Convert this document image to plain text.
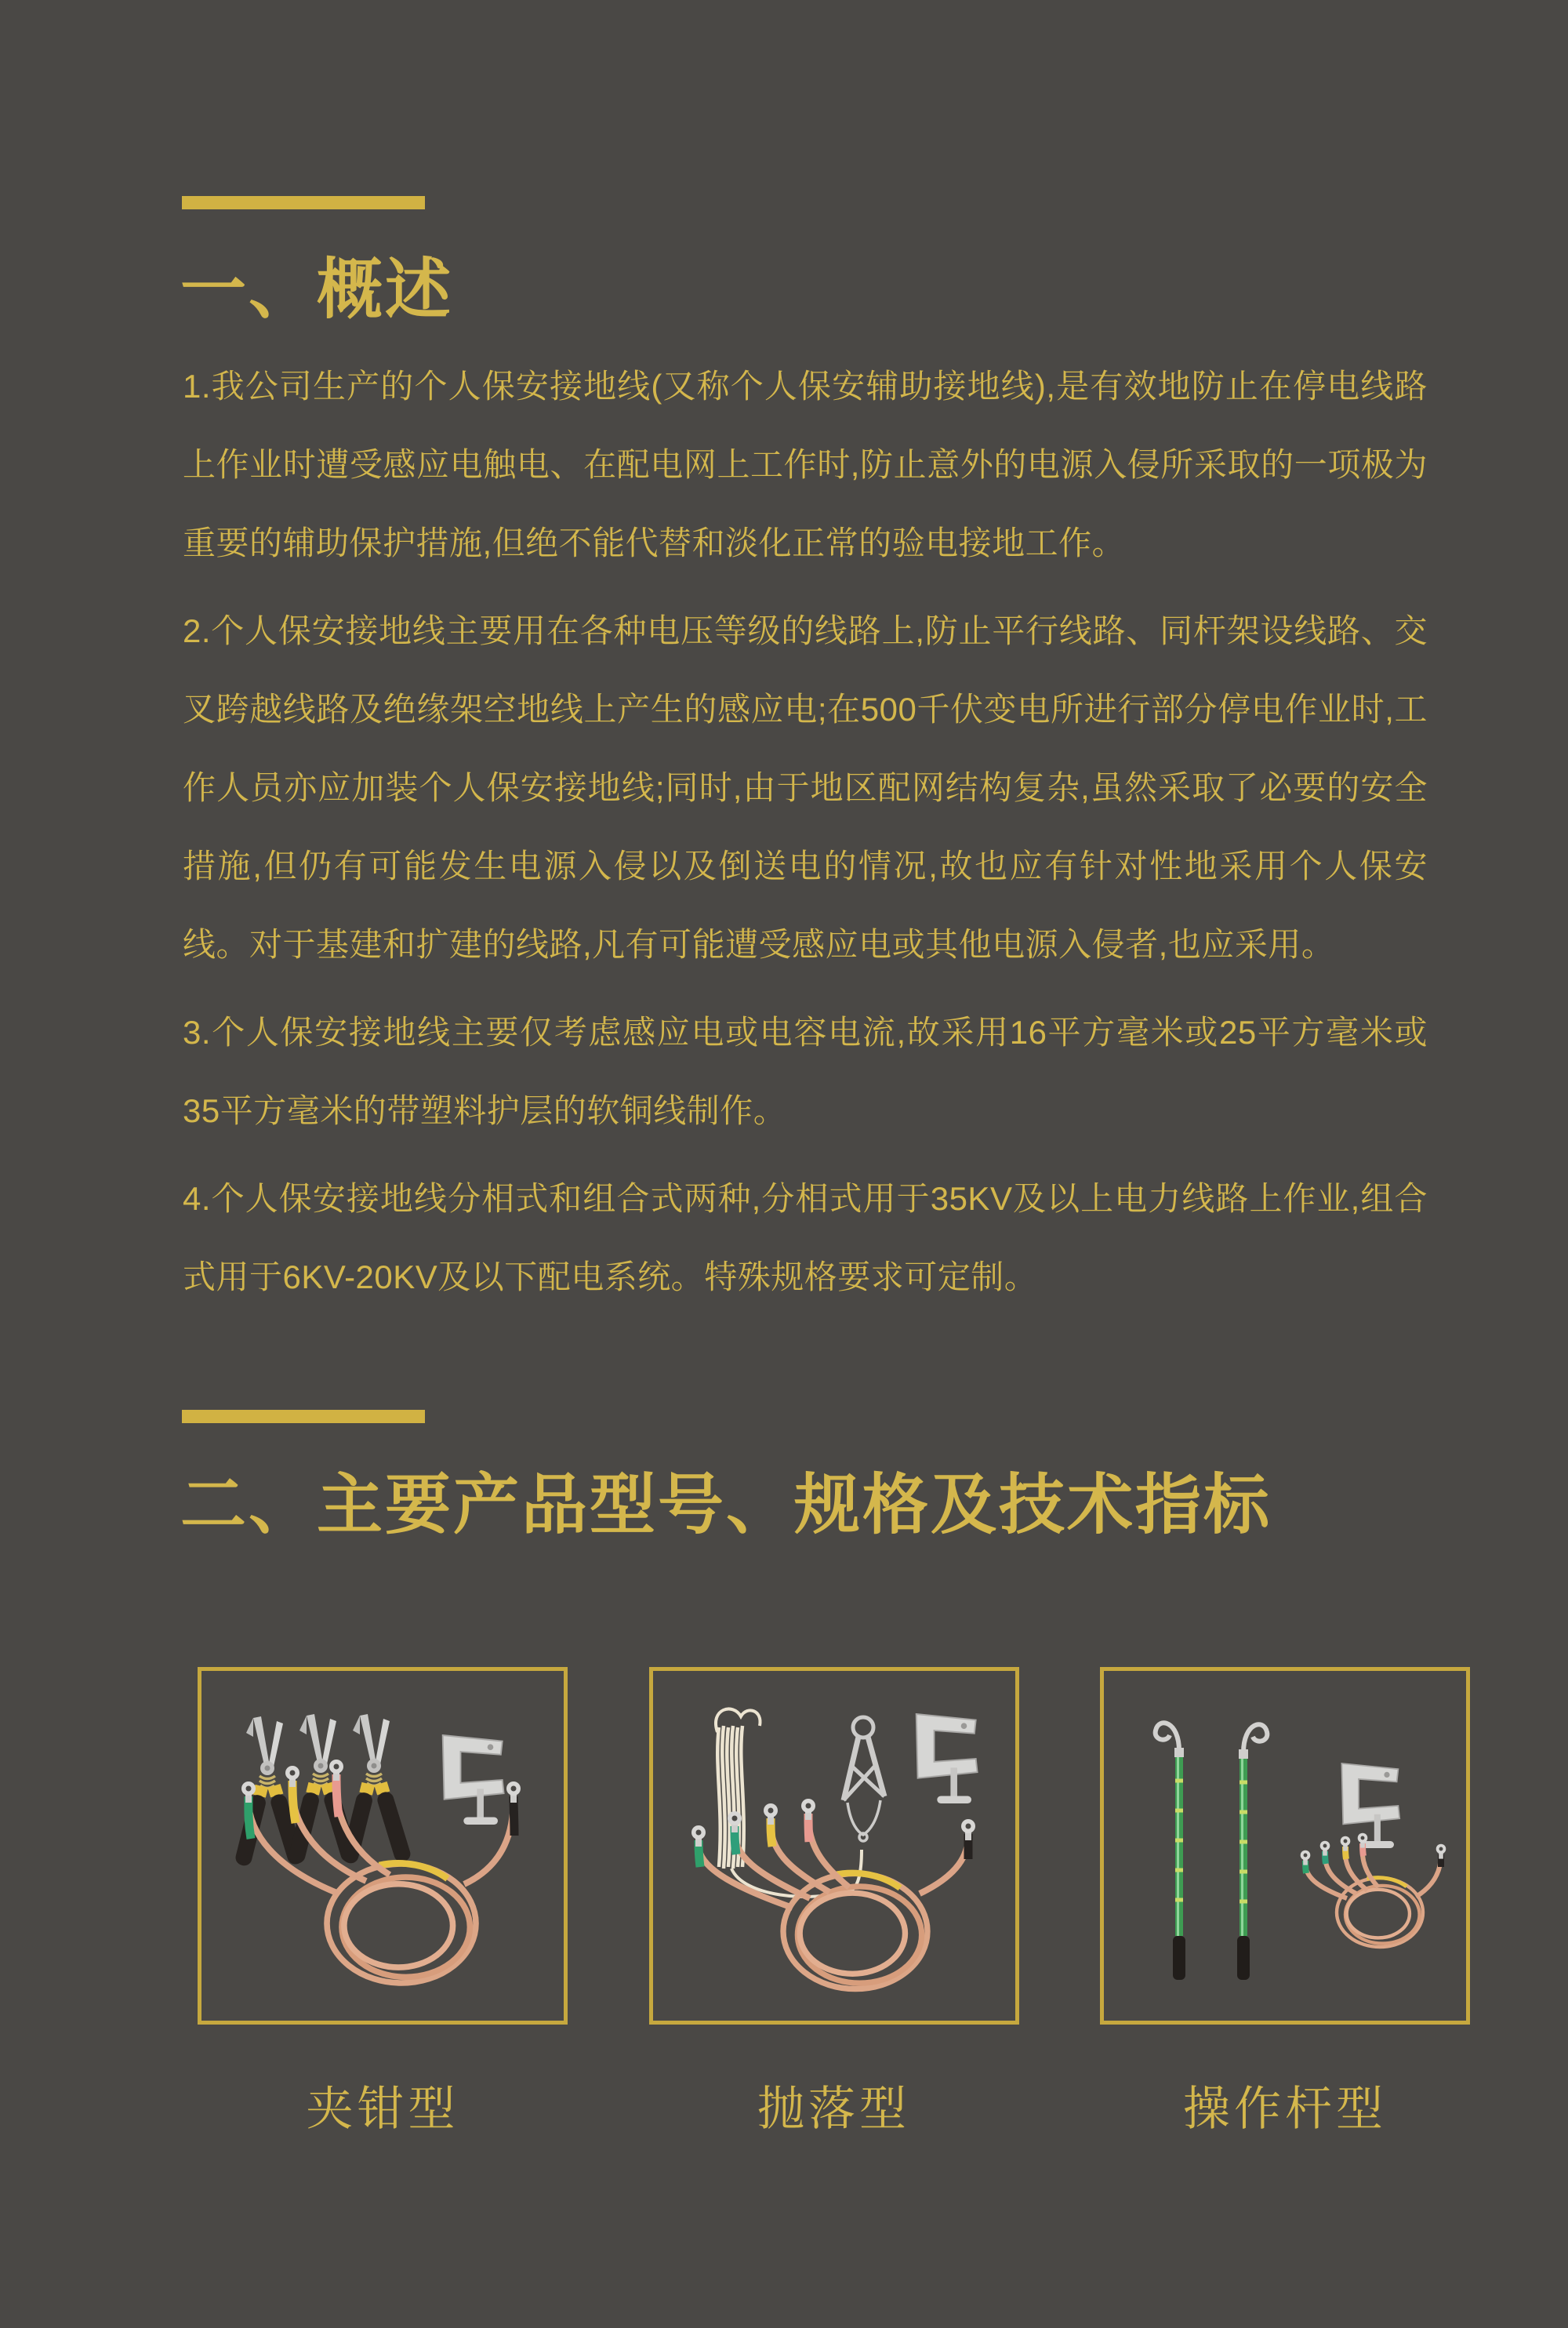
一、概述

1.我公司生产的个人保安接地线(又称个人保安辅助接地线),是有效地防止在停电线路上作业时遭受感应电触电、在配电网上工作时,防止意外的电源入侵所采取的一项极为重要的辅助保护措施,但绝不能代替和淡化正常的验电接地工作。

2.个人保安接地线主要用在各种电压等级的线路上,防止平行线路、同杆架设线路、交叉跨越线路及绝缘架空地线上产生的感应电;在500千伏变电所进行部分停电作业时,工作人员亦应加装个人保安接地线;同时,由于地区配网结构复杂,虽然采取了必要的安全措施,但仍有可能发生电源入侵以及倒送电的情况,故也应有针对性地采用个人保安线。对于基建和扩建的线路,凡有可能遭受感应电或其他电源入侵者,也应采用。

3.个人保安接地线主要仅考虑感应电或电容电流,故采用16平方毫米或25平方毫米或35平方毫米的带塑料护层的软铜线制作。

4.个人保安接地线分相式和组合式两种,分相式用于35KV及以上电力线路上作业,组合式用于6KV-20KV及以下配电系统。特殊规格要求可定制。

二、主要产品型号、规格及技术指标
夹钳型	抛落型	操作杆型
